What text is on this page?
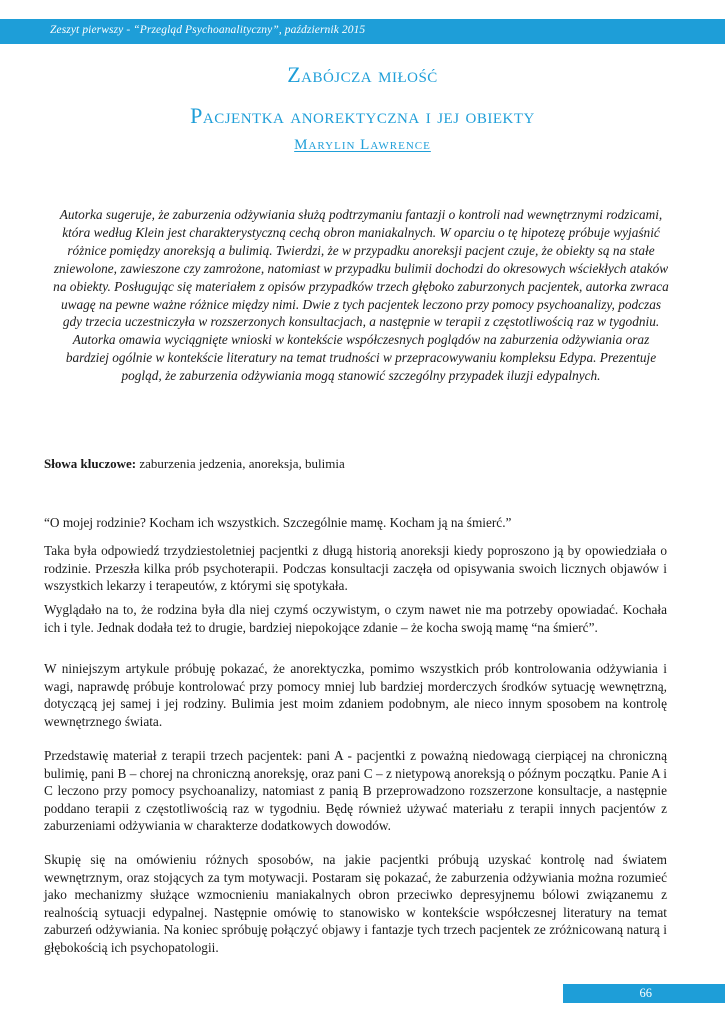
Zeszyt pierwszy - “Przegląd Psychoanalityczny”, październik 2015
Zabójcza miłość
Pacjentka anorektyczna i jej obiekty
Marylin Lawrence

Autorka sugeruje, że zaburzenia odżywiania służą podtrzymaniu fantazji o kontroli nad wewnętrznymi rodzicami, która według Klein jest charakterystyczną cechą obron maniakalnych. W oparciu o tę hipotezę próbuje wyjaśnić różnice pomiędzy anoreksją a bulimią. Twierdzi, że w przypadku anoreksji pacjent czuje, że obiekty są na stałe zniewolone, zawieszone czy zamrożone, natomiast w przypadku bulimii dochodzi do okresowych wściekłych ataków na obiekty. Posługując się materiałem z opisów przypadków trzech głęboko zaburzonych pacjentek, autorka zwraca uwagę na pewne ważne różnice między nimi. Dwie z tych pacjentek leczono przy pomocy psychoanalizy, podczas gdy trzecia uczestniczyła w rozszerzonych konsultacjach, a następnie w terapii z częstotliwością raz w tygodniu. Autorka omawia wyciągnięte wnioski w kontekście współczesnych poglądów na zaburzenia odżywiania oraz bardziej ogólnie w kontekście literatury na temat trudności w przepracowywaniu kompleksu Edypa. Prezentuje pogląd, że zaburzenia odżywiania mogą stanowić szczególny przypadek iluzji edypalnych.

Słowa kluczowe: zaburzenia jedzenia, anoreksja, bulimia

“O mojej rodzinie? Kocham ich wszystkich. Szczególnie mamę. Kocham ją na śmierć.”

Taka była odpowiedź trzydziestoletniej pacjentki z długą historią anoreksji kiedy poproszono ją by opowiedziała o rodzinie. Przeszła kilka prób psychoterapii. Podczas konsultacji zaczęła od opisywania swoich licznych objawów i wszystkich lekarzy i terapeutów, z którymi się spotykała.

Wyglądało na to, że rodzina była dla niej czymś oczywistym, o czym nawet nie ma potrzeby opowiadać. Kochała ich i tyle. Jednak dodała też to drugie, bardziej niepokojące zdanie – że kocha swoją mamę “na śmierć”.

W niniejszym artykule próbuję pokazać, że anorektyczka, pomimo wszystkich prób kontrolowania odżywiania i wagi, naprawdę próbuje kontrolować przy pomocy mniej lub bardziej morderczych środków sytuację wewnętrzną, dotyczącą jej samej i jej rodziny. Bulimia jest moim zdaniem podobnym, ale nieco innym sposobem na kontrolę wewnętrznego świata.

Przedstawię materiał z terapii trzech pacjentek: pani A - pacjentki z poważną niedowagą cierpiącej na chroniczną bulimię, pani B – chorej na chroniczną anoreksję, oraz pani C – z nietypową anoreksją o późnym początku. Panie A i C leczono przy pomocy psychoanalizy, natomiast z panią B przeprowadzono rozszerzone konsultacje, a następnie poddano terapii z częstotliwością raz w tygodniu. Będę również używać materiału z terapii innych pacjentów z zaburzeniami odżywiania w charakterze dodatkowych dowodów.

Skupię się na omówieniu różnych sposobów, na jakie pacjentki próbują uzyskać kontrolę nad światem wewnętrznym, oraz stojących za tym motywacji. Postaram się pokazać, że zaburzenia odżywiania można rozumieć jako mechanizmy służące wzmocnieniu maniakalnych obron przeciwko depresyjnemu bólowi związanemu z realnością sytuacji edypalnej. Następnie omówię to stanowisko w kontekście współczesnej literatury na temat zaburzeń odżywiania. Na koniec spróbuję połączyć objawy i fantazje tych trzech pacjentek ze zróżnicowaną naturą i głębokością ich psychopatologii.

66
